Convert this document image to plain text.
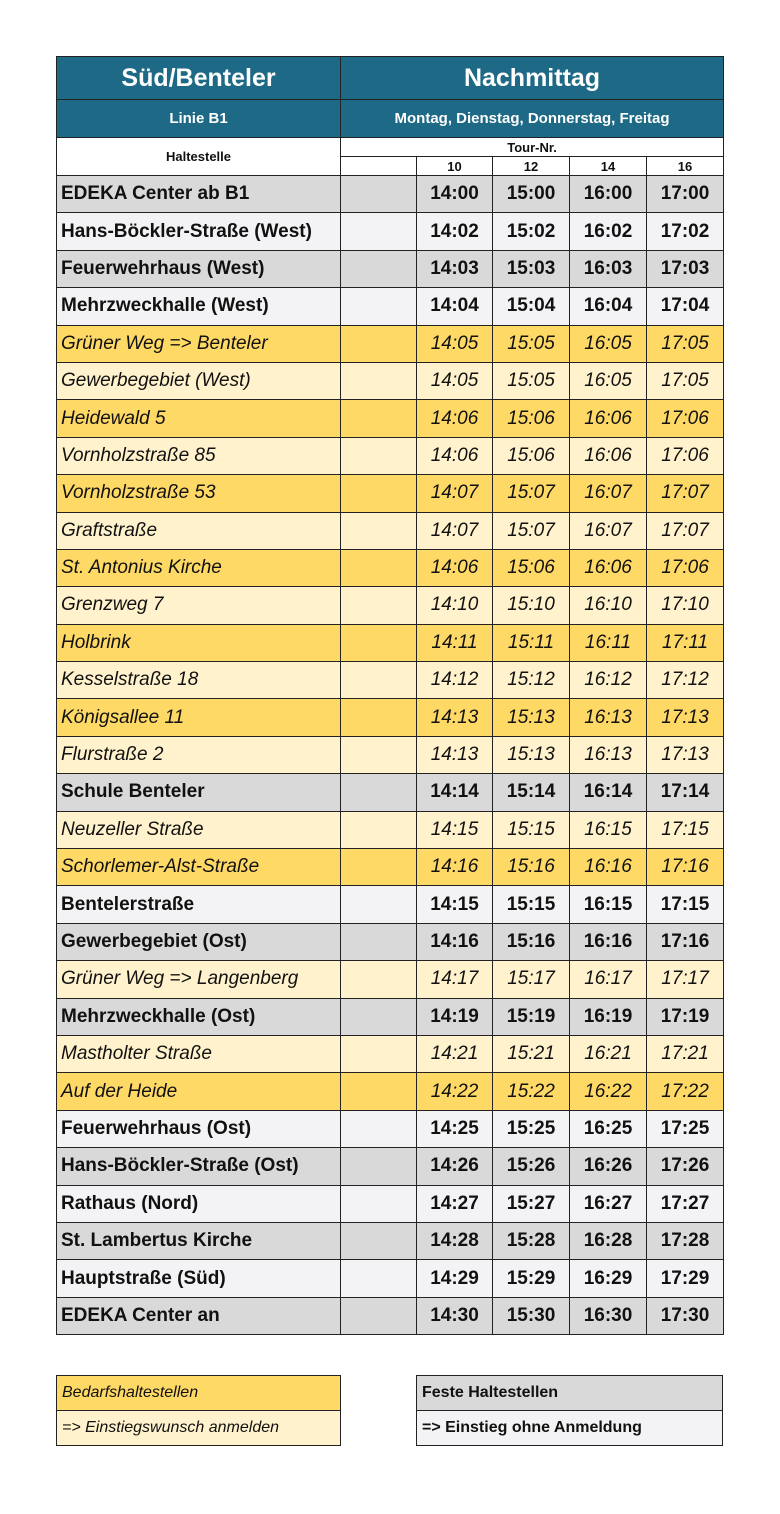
Süd/Benteler	Nachmittag				
Linie B1	Montag, Dienstag, Donnerstag, Freitag				
Haltestelle	Tour-Nr.				
		10	12	14	16
EDEKA Center ab B1		14:00	15:00	16:00	17:00
Hans-Böckler-Straße (West)		14:02	15:02	16:02	17:02
Feuerwehrhaus (West)		14:03	15:03	16:03	17:03
Mehrzweckhalle (West)		14:04	15:04	16:04	17:04
Grüner Weg => Benteler		14:05	15:05	16:05	17:05
Gewerbegebiet (West)		14:05	15:05	16:05	17:05
Heidewald 5		14:06	15:06	16:06	17:06
Vornholzstraße 85		14:06	15:06	16:06	17:06
Vornholzstraße 53		14:07	15:07	16:07	17:07
Graftstraße		14:07	15:07	16:07	17:07
St. Antonius Kirche		14:06	15:06	16:06	17:06
Grenzweg 7		14:10	15:10	16:10	17:10
Holbrink		14:11	15:11	16:11	17:11
Kesselstraße 18		14:12	15:12	16:12	17:12
Königsallee 11		14:13	15:13	16:13	17:13
Flurstraße 2		14:13	15:13	16:13	17:13
Schule Benteler		14:14	15:14	16:14	17:14
Neuzeller Straße		14:15	15:15	16:15	17:15
Schorlemer-Alst-Straße		14:16	15:16	16:16	17:16
Bentelerstraße		14:15	15:15	16:15	17:15
Gewerbegebiet (Ost)		14:16	15:16	16:16	17:16
Grüner Weg => Langenberg		14:17	15:17	16:17	17:17
Mehrzweckhalle (Ost)		14:19	15:19	16:19	17:19
Mastholter Straße		14:21	15:21	16:21	17:21
Auf der Heide		14:22	15:22	16:22	17:22
Feuerwehrhaus (Ost)		14:25	15:25	16:25	17:25
Hans-Böckler-Straße (Ost)		14:26	15:26	16:26	17:26
Rathaus (Nord)		14:27	15:27	16:27	17:27
St. Lambertus Kirche		14:28	15:28	16:28	17:28
Hauptstraße (Süd)		14:29	15:29	16:29	17:29
EDEKA Center an		14:30	15:30	16:30	17:30
Bedarfshaltestellen
=> Einstiegswunsch anmelden
Feste Haltestellen
=> Einstieg ohne Anmeldung
